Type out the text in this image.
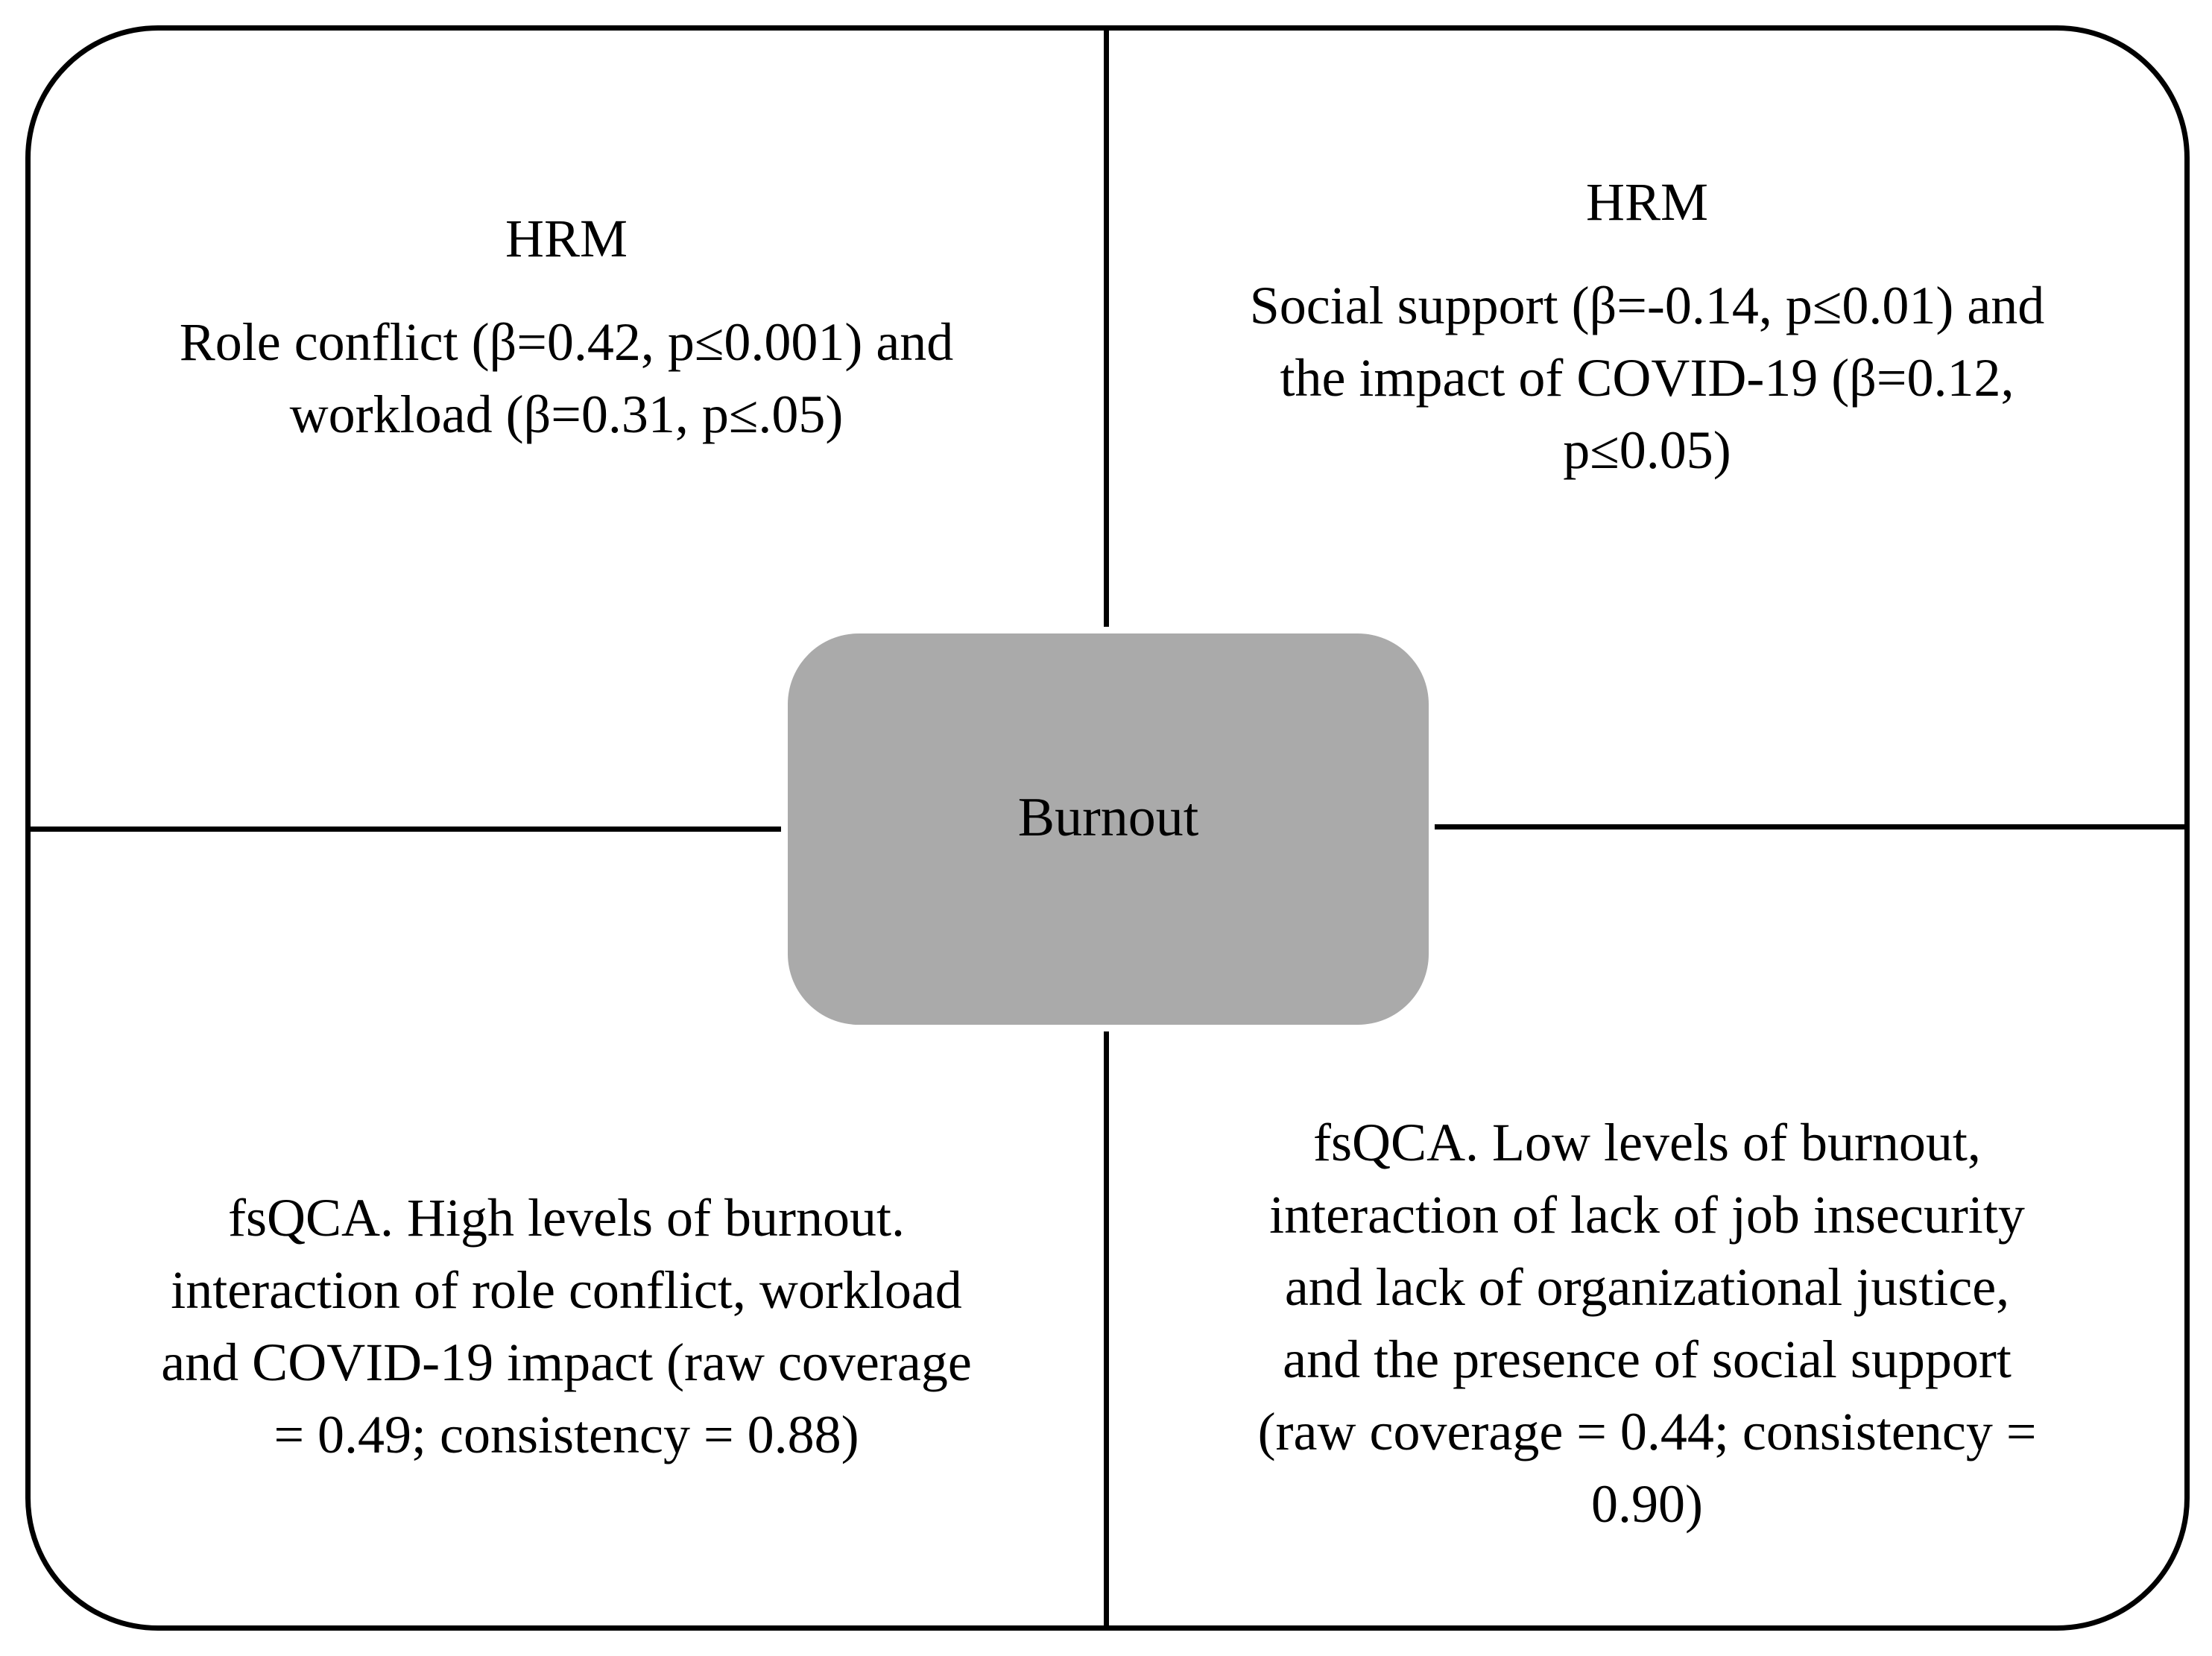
HRM
Role conflict (β=0.42, p≤0.001) and
workload (β=0.31, p≤.05)
HRM
Social support (β=-0.14, p≤0.01) and
the impact of COVID-19 (β=0.12,
p≤0.05)
fsQCA. High levels of burnout.
interaction of role conflict, workload
and COVID-19 impact (raw coverage
= 0.49; consistency = 0.88)
fsQCA. Low levels of burnout,
interaction of lack of job insecurity
and lack of organizational justice,
and the presence of social support
(raw coverage = 0.44; consistency =
0.90)
Burnout
